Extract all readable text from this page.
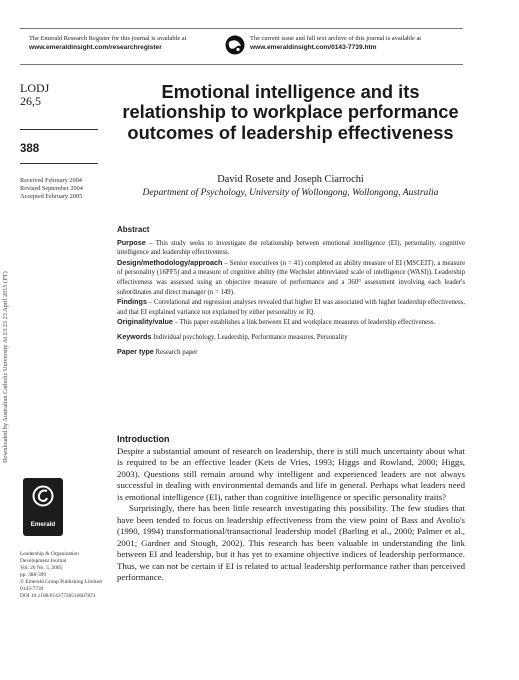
The Emerald Research Register for this journal is available at
www.emeraldinsight.com/researchregister
The current issue and full text archive of this journal is available at
www.emeraldinsight.com/0143-7739.htm
LODJ
26,5
388
Received February 2004
Revised September 2004
Accepted February 2005
Downloaded by Australian Catholic University At 23:23 23 April 2015 (PT)
Emerald
Leadership & Organization
Development Journal
Vol. 26 No. 5, 2005
pp. 388-399
© Emerald Group Publishing Limited
0143-7739
DOI 10.1108/01437730510607871
Emotional intelligence and its relationship to workplace performance outcomes of leadership effectiveness
David Rosete and Joseph Ciarrochi
Department of Psychology, University of Wollongong, Wollongong, Australia

Abstract

Purpose – This study seeks to investigate the relationship between emotional intelligence (EI), personality, cognitive intelligence and leadership effectiveness.

Design/methodology/approach – Senior executives (n = 41) completed an ability measure of EI (MSCEIT), a measure of personality (16PF5) and a measure of cognitive ability (the Wechsler abbreviated scale of intelligence (WASI)). Leadership effectiveness was assessed using an objective measure of performance and a 360° assessment involving each leader's subordinates and direct manager (n = 149).

Findings – Correlational and regression analyses revealed that higher EI was associated with higher leadership effectiveness, and that EI explained variance not explained by either personality or IQ.

Originality/value – This paper establishes a link between EI and workplace measures of leadership effectiveness.

Keywords Individual psychology, Leadership, Performance measures, Personality

Paper type Research paper

Introduction

Despite a substantial amount of research on leadership, there is still much uncertainty about what is required to be an effective leader (Kets de Vries, 1993; Higgs and Rowland, 2000; Higgs, 2003). Questions still remain around why intelligent and experienced leaders are not always successful in dealing with environmental demands and life in general. Perhaps what leaders need is emotional intelligence (EI), rather than cognitive intelligence or specific personality traits?

Surprisingly, there has been little research investigating this possibility. The few studies that have been tended to focus on leadership effectiveness from the view point of Bass and Avolio's (1990, 1994) transformational/transactional leadership model (Barling et al., 2000; Palmer et al., 2001; Gardner and Stough, 2002). This research has been valuable in understanding the link between EI and leadership, but it has yet to examine objective indices of leadership performance. Thus, we can not be certain if EI is related to actual leadership performance rather than perceived performance.
